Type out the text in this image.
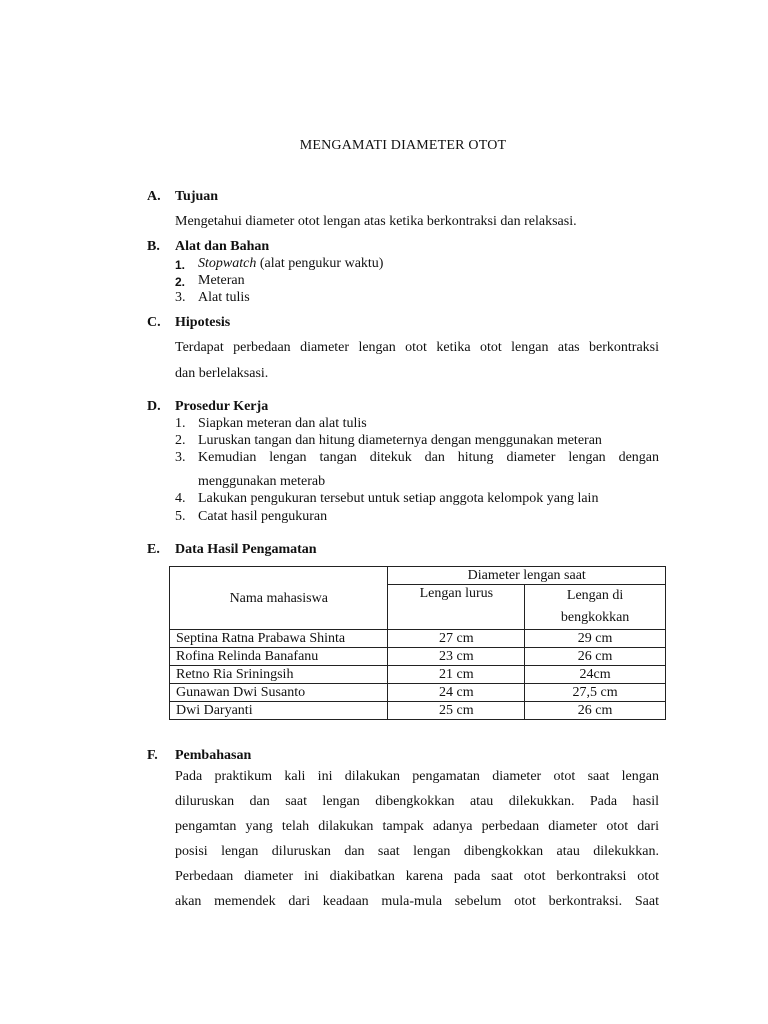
MENGAMATI DIAMETER OTOT
A. Tujuan
Mengetahui diameter otot lengan atas ketika berkontraksi dan relaksasi.
B. Alat dan Bahan
1. Stopwatch (alat pengukur waktu)
2. Meteran
3. Alat tulis
C. Hipotesis
Terdapat perbedaan diameter lengan otot ketika otot lengan atas berkontraksi
dan berlelaksasi.
D. Prosedur Kerja
1. Siapkan meteran dan alat tulis
2. Luruskan tangan dan hitung diameternya dengan menggunakan meteran
3. Kemudian lengan tangan ditekuk dan hitung diameter lengan dengan
menggunakan meterab
4. Lakukan pengukuran tersebut untuk setiap anggota kelompok yang lain
5. Catat hasil pengukuran
E. Data Hasil Pengamatan
Nama mahasiswa	Diameter lengan saat	
	Lengan lurus	Lengan di
bengkokkan
Septina Ratna Prabawa Shinta	27 cm	29 cm
Rofina Relinda Banafanu	23 cm	26 cm
Retno Ria Sriningsih	21 cm	24cm
Gunawan Dwi Susanto	24 cm	27,5 cm
Dwi Daryanti	25 cm	26 cm
F. Pembahasan
Pada praktikum kali ini dilakukan pengamatan diameter otot saat lengan
diluruskan dan saat lengan dibengkokkan atau dilekukkan. Pada hasil
pengamtan yang telah dilakukan tampak adanya perbedaan diameter otot dari
posisi lengan diluruskan dan saat lengan dibengkokkan atau dilekukkan.
Perbedaan diameter ini diakibatkan karena pada saat otot berkontraksi otot
akan memendek dari keadaan mula-mula sebelum otot berkontraksi. Saat
